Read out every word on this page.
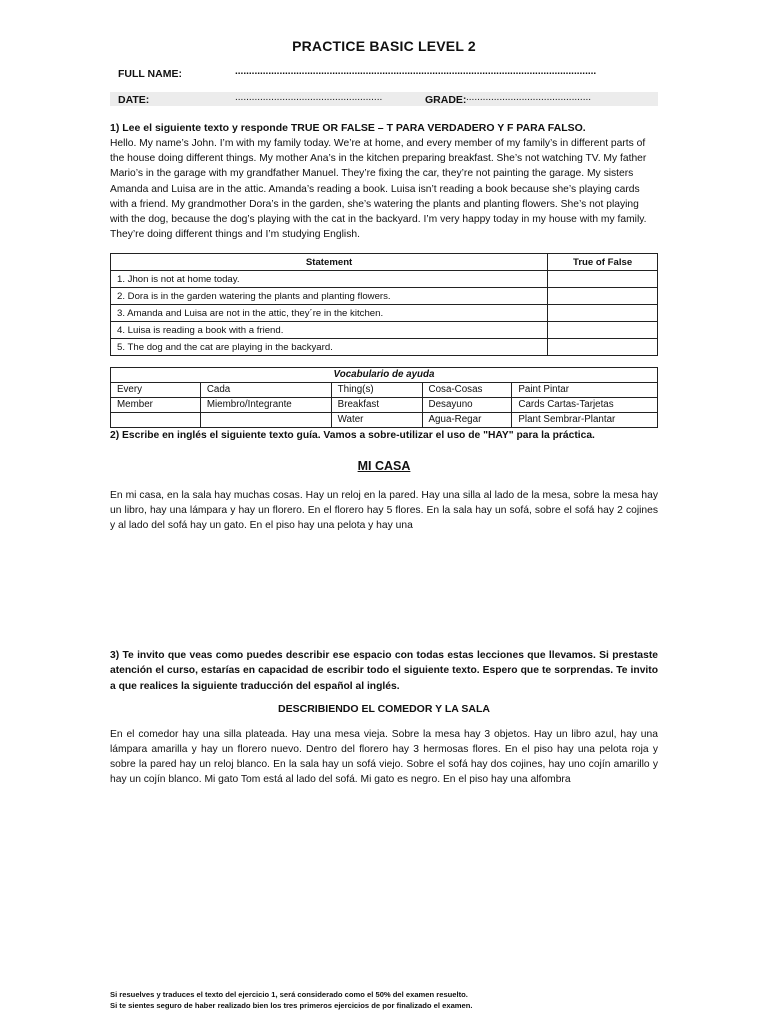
PRACTICE BASIC LEVEL 2
FULL NAME:	..................................................................................................................................
DATE:	.....................................................	GRADE: .............................................
1) Lee el siguiente texto y responde TRUE OR FALSE – T PARA VERDADERO Y F PARA FALSO.
Hello. My name’s John. I’m with my family today. We’re at home, and every member of my family’s in different parts of the house doing different things. My mother Ana’s in the kitchen preparing breakfast. She’s not watching TV. My father Mario’s in the garage with my grandfather Manuel. They’re fixing the car, they’re not painting the garage. My sisters Amanda and Luisa are in the attic. Amanda’s reading a book. Luisa isn’t reading a book because she’s playing cards with a friend. My grandmother Dora’s in the garden, she’s watering the plants and planting flowers. She’s not playing with the dog, because the dog’s playing with the cat in the backyard. I’m very happy today in my house with my family. They’re doing different things and I’m studying English.
Statement	True of False
1. Jhon is not at home today.	
2. Dora is in the garden watering the plants and planting flowers.	
3. Amanda and Luisa are not in the attic, they´re in the kitchen.	
4. Luisa is reading a book with a friend.	
5. The dog and the cat are playing in the backyard.	
Vocabulario de ayuda				
Every	Cada	Thing(s)	Cosa-Cosas	Paint Pintar
Member	Miembro/Integrante	Breakfast	Desayuno	Cards Cartas-Tarjetas
		Water	Agua-Regar	Plant Sembrar-Plantar
2) Escribe en inglés el siguiente texto guía. Vamos a sobre-utilizar el uso de "HAY" para la práctica.
MI CASA
En mi casa, en la sala hay muchas cosas. Hay un reloj en la pared. Hay una silla al lado de la mesa, sobre la mesa hay un libro, hay una lámpara y hay un florero. En el florero hay 5 flores. En la sala hay un sofá, sobre el sofá hay 2 cojines y al lado del sofá hay un gato. En el piso hay una pelota y hay una
3) Te invito que veas como puedes describir ese espacio con todas estas lecciones que llevamos. Si prestaste atención el curso, estarías en capacidad de escribir todo el siguiente texto. Espero que te sorprendas. Te invito a que realices la siguiente traducción del español al inglés.
DESCRIBIENDO EL COMEDOR Y LA SALA
En el comedor hay una silla plateada. Hay una mesa vieja. Sobre la mesa hay 3 objetos. Hay un libro azul, hay una lámpara amarilla y hay un florero nuevo. Dentro del florero hay 3 hermosas flores. En el piso hay una pelota roja y sobre la pared hay un reloj blanco. En la sala hay un sofá viejo. Sobre el sofá hay dos cojines, hay uno cojín amarillo y hay un cojín blanco. Mi gato Tom está al lado del sofá. Mi gato es negro. En el piso hay una alfombra
Si resuelves y traduces el texto del ejercicio 1, será considerado como el 50% del examen resuelto.
Si te sientes seguro de haber realizado bien los tres primeros ejercicios de por finalizado el examen.
